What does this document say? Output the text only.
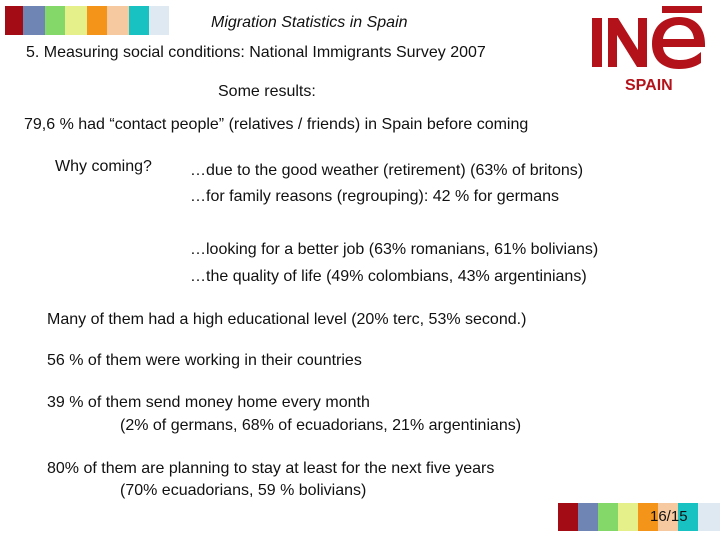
Migration Statistics in Spain
5. Measuring social conditions: National Immigrants Survey 2007
SPAIN
Some results:
79,6 % had “contact people” (relatives / friends) in Spain before coming
Why coming? …due to the good weather (retirement) (63% of britons)
…for family reasons (regrouping): 42 % for germans
…looking for a better job (63% romanians, 61% bolivians)
…the quality of life (49% colombians, 43% argentinians)
Many of them had a high educational level (20% terc, 53% second.)
56 % of them were working in their countries
39 % of them send money home every month
(2% of germans, 68% of ecuadorians, 21% argentinians)
80% of them are planning to stay at least for the next five years
(70% ecuadorians, 59 % bolivians)
16/15
